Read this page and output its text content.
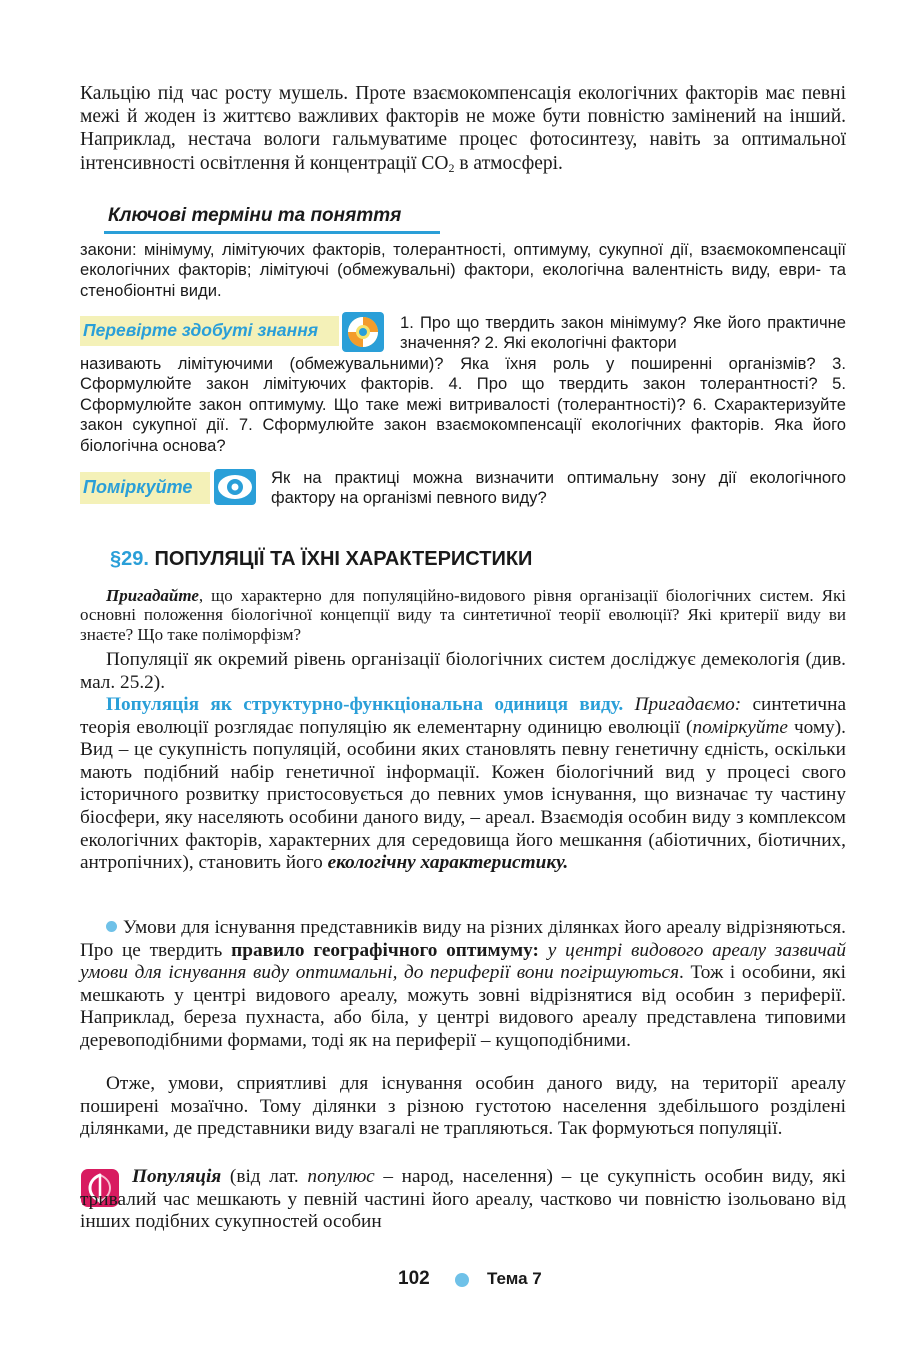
Кальцію під час росту мушель. Проте взаємокомпенсація екологічних факторів має певні межі й жоден із життєво важливих факторів не може бути повністю замінений на інший. Наприклад, нестача вологи гальмуватиме процес фотосинтезу, навіть за оптимальної інтенсивності освітлення й концентрації $CO_2$ в атмосфері.

Ключові терміни та поняття

закони: мінімуму, лімітуючих факторів, толерантності, оптимуму, сукупної дії, взаємокомпенсації екологічних факторів; лімітуючі (обмежувальні) фактори, екологічна валентність виду, еври- та стенобіонтні види.

Перевірте здобуті знання	1. Про що твердить закон мінімуму? Яке його практичне значення? 2. Які екологічні фактори

називають лімітуючими (обмежувальними)? Яка їхня роль у поширенні організмів? 3. Сформулюйте закон лімітуючих факторів. 4. Про що твердить закон толерантності? 5. Сформулюйте закон оптимуму. Що таке межі витривалості (толерантності)? 6. Схарактеризуйте закон сукупної дії. 7. Сформулюйте закон взаємокомпенсації екологічних факторів. Яка його біологічна основа?

Поміркуйте	Як на практиці можна визначити оптимальну зону дії екологічного фактору на організмі певного виду?

§29. ПОПУЛЯЦІЇ ТА ЇХНІ ХАРАКТЕРИСТИКИ

Пригадайте, що характерно для популяційно-видового рівня організації біологічних систем. Які основні положення біологічної концепції виду та синтетичної теорії еволюції? Які критерії виду ви знаєте? Що таке поліморфізм?

Популяції як окремий рівень організації біологічних систем досліджує демекологія (див. мал. 25.2).

Популяція як структурно-функціональна одиниця виду. Пригадаємо: синтетична теорія еволюції розглядає популяцію як елементарну одиницю еволюції (поміркуйте чому). Вид – це сукупність популяцій, особини яких становлять певну генетичну єдність, оскільки мають подібний набір генетичної інформації. Кожен біологічний вид у процесі свого історичного розвитку пристосовується до певних умов існування, що визначає ту частину біосфери, яку населяють особини даного виду, – ареал. Взаємодія особин виду з комплексом екологічних факторів, характерних для середовища його мешкання (абіотичних, біотичних, антропічних), становить його екологічну характеристику.

Умови для існування представників виду на різних ділянках його ареалу відрізняються. Про це твердить правило географічного оптимуму: у центрі видового ареалу зазвичай умови для існування виду оптимальні, до периферії вони погіршуються. Тож і особини, які мешкають у центрі видового ареалу, можуть зовні відрізнятися від особин з периферії. Наприклад, береза пухнаста, або біла, у центрі видового ареалу представлена типовими деревоподібними формами, тоді як на периферії – кущоподібними.

Отже, умови, сприятливі для існування особин даного виду, на території ареалу поширені мозаїчно. Тому ділянки з різною густотою населення здебільшого розділені ділянками, де представники виду взагалі не трапляються. Так формуються популяції.

Популяція (від лат. популюс – народ, населення) – це сукупність особин виду, які тривалий час мешкають у певній частині його ареалу, частково чи повністю ізольовано від інших подібних сукупностей особин

102	Тема 7
